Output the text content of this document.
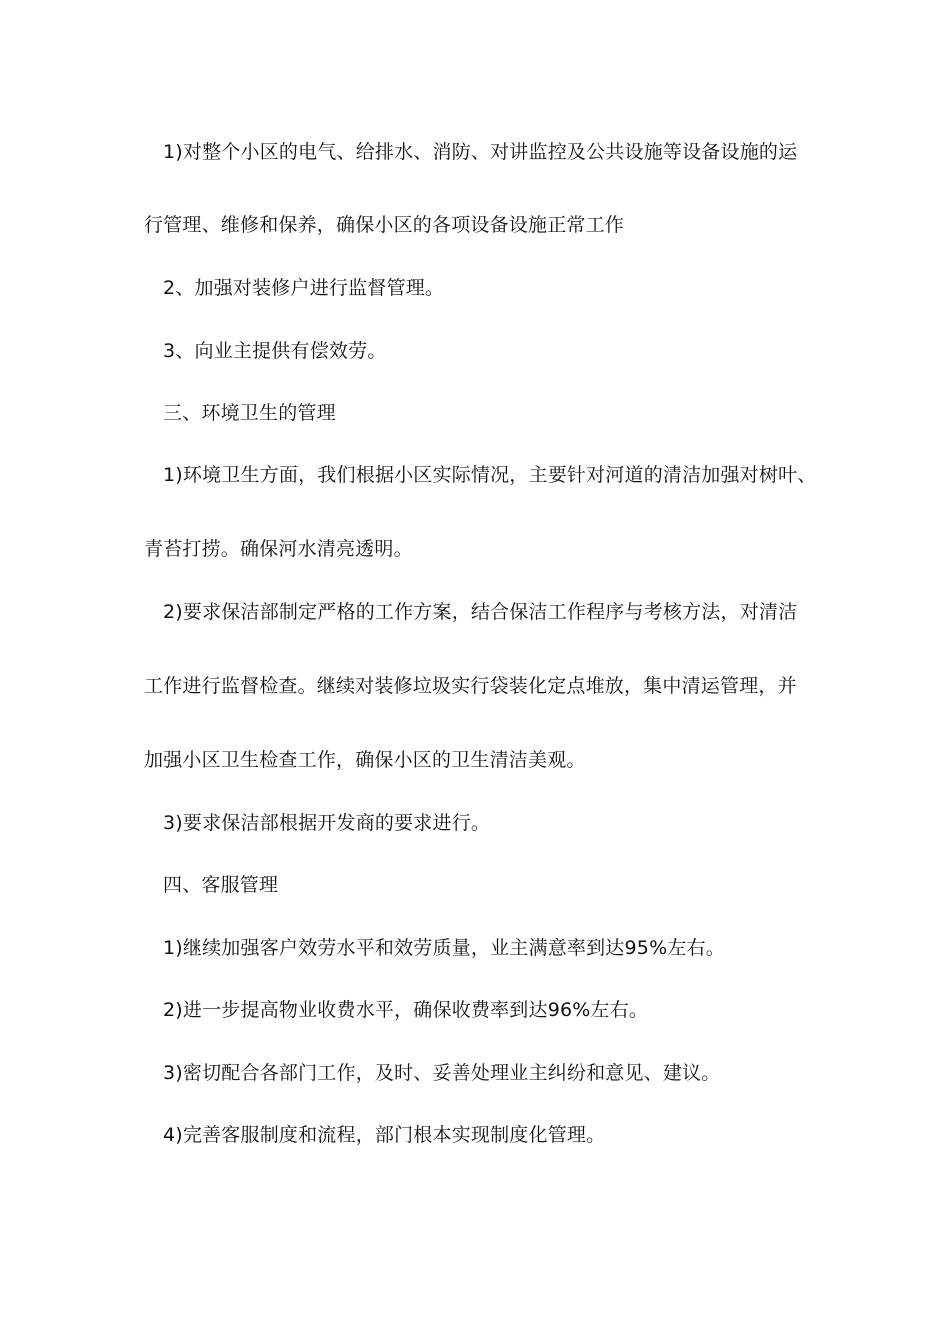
1)对整个小区的电气、给排水、消防、对讲监控及公共设施等设备设施的运
行管理、维修和保养，确保小区的各项设备设施正常工作
2、加强对装修户进行监督管理。
3、向业主提供有偿效劳。
三、环境卫生的管理
1)环境卫生方面，我们根据小区实际情况，主要针对河道的清洁加强对树叶、
青苔打捞。确保河水清亮透明。
2)要求保洁部制定严格的工作方案，结合保洁工作程序与考核方法，对清洁
工作进行监督检查。继续对装修垃圾实行袋装化定点堆放，集中清运管理，并
加强小区卫生检查工作，确保小区的卫生清洁美观。
3)要求保洁部根据开发商的要求进行。
四、客服管理
1)继续加强客户效劳水平和效劳质量，业主满意率到达95%左右。
2)进一步提高物业收费水平，确保收费率到达96%左右。
3)密切配合各部门工作，及时、妥善处理业主纠纷和意见、建议。
4)完善客服制度和流程，部门根本实现制度化管理。
